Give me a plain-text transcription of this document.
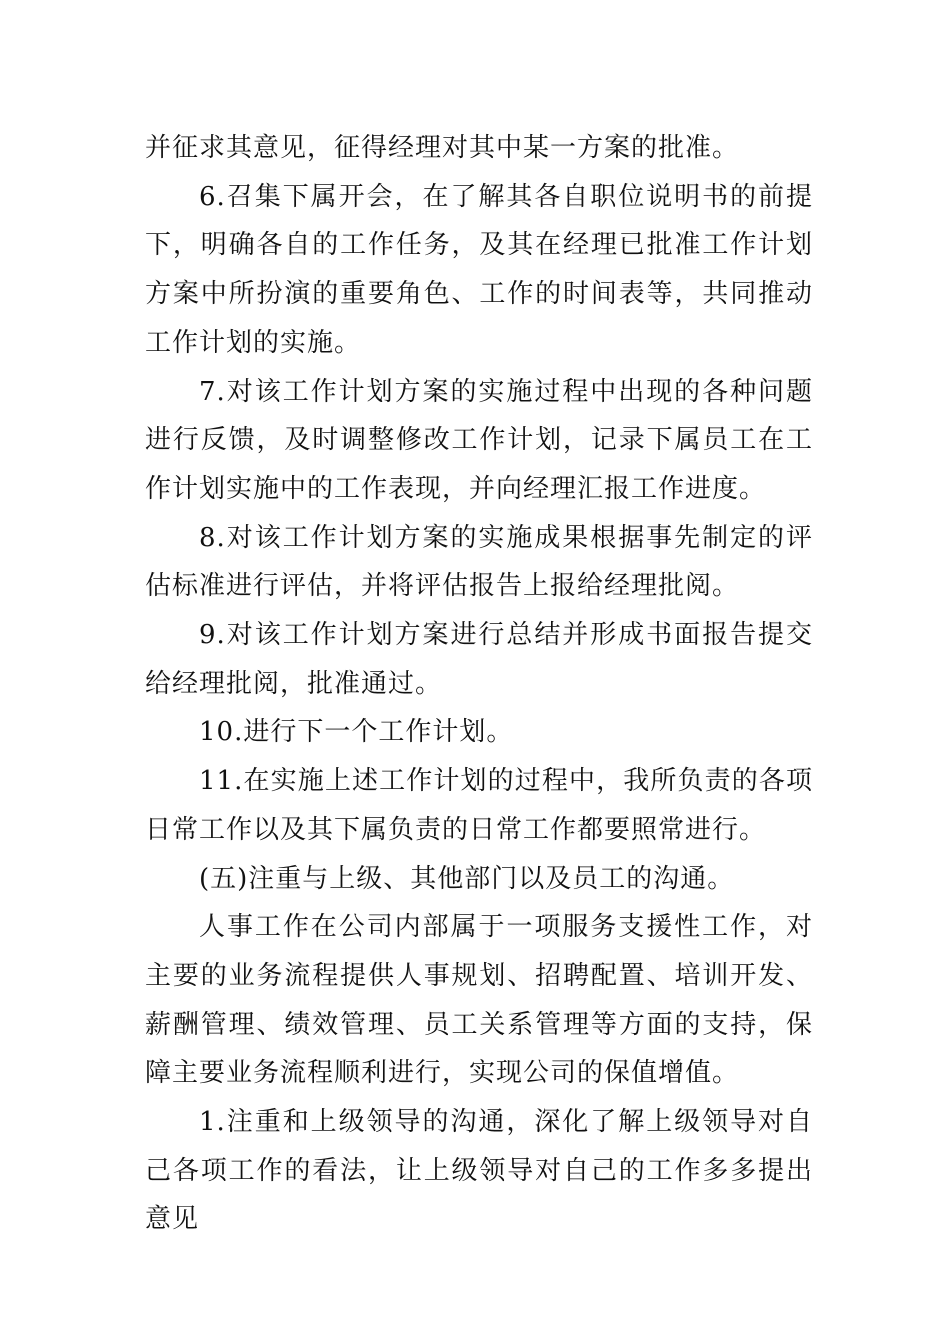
并征求其意见，征得经理对其中某一方案的批准。

6.召集下属开会，在了解其各自职位说明书的前提下，明确各自的工作任务，及其在经理已批准工作计划方案中所扮演的重要角色、工作的时间表等，共同推动工作计划的实施。

7.对该工作计划方案的实施过程中出现的各种问题进行反馈，及时调整修改工作计划，记录下属员工在工作计划实施中的工作表现，并向经理汇报工作进度。

8.对该工作计划方案的实施成果根据事先制定的评估标准进行评估，并将评估报告上报给经理批阅。

9.对该工作计划方案进行总结并形成书面报告提交给经理批阅，批准通过。

10.进行下一个工作计划。

11.在实施上述工作计划的过程中，我所负责的各项日常工作以及其下属负责的日常工作都要照常进行。

(五)注重与上级、其他部门以及员工的沟通。

人事工作在公司内部属于一项服务支援性工作，对主要的业务流程提供人事规划、招聘配置、培训开发、薪酬管理、绩效管理、员工关系管理等方面的支持，保障主要业务流程顺利进行，实现公司的保值增值。

1.注重和上级领导的沟通，深化了解上级领导对自己各项工作的看法，让上级领导对自己的工作多多提出意见
